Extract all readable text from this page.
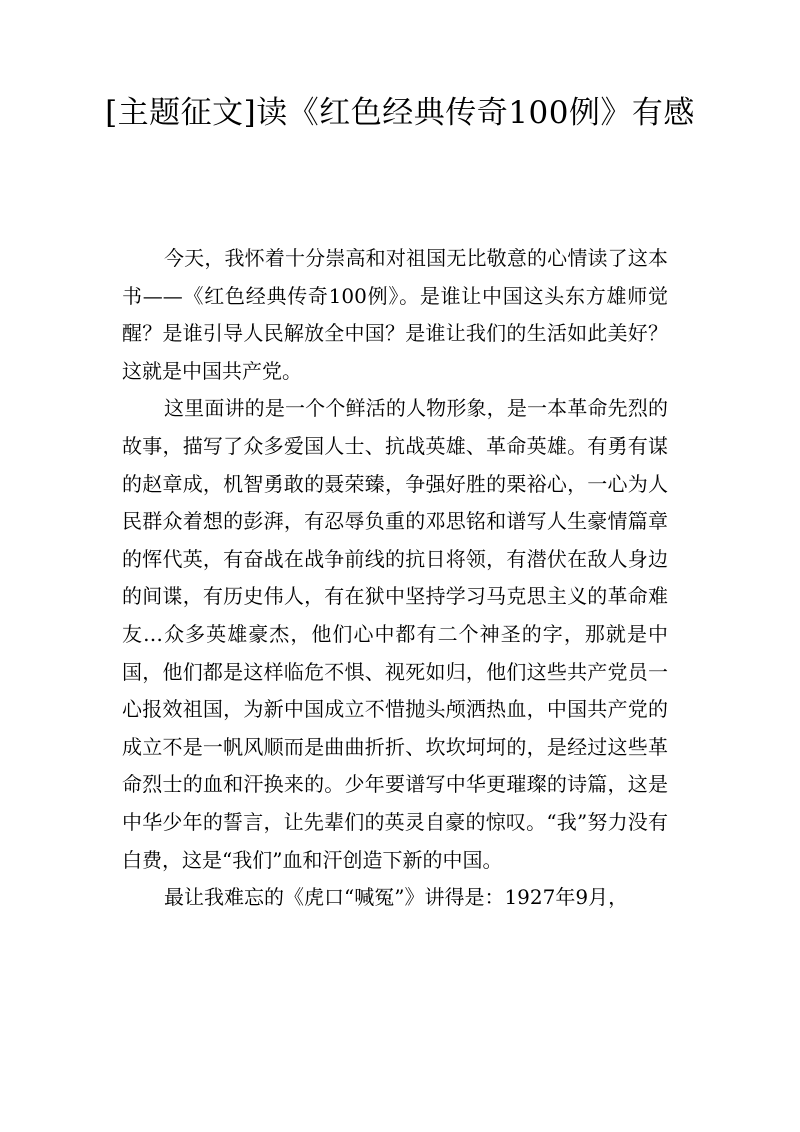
[主题征文]读《红色经典传奇100例》有感

今天，我怀着十分崇高和对祖国无比敬意的心情读了这本书——《红色经典传奇100例》。是谁让中国这头东方雄师觉醒？是谁引导人民解放全中国？是谁让我们的生活如此美好？这就是中国共产党。

这里面讲的是一个个鲜活的人物形象，是一本革命先烈的故事，描写了众多爱国人士、抗战英雄、革命英雄。有勇有谋的赵章成，机智勇敢的聂荣臻，争强好胜的栗裕心，一心为人民群众着想的彭湃，有忍辱负重的邓思铭和谱写人生豪情篇章的恽代英，有奋战在战争前线的抗日将领，有潜伏在敌人身边的间谍，有历史伟人，有在狱中坚持学习马克思主义的革命难友…众多英雄豪杰，他们心中都有二个神圣的字，那就是中国，他们都是这样临危不惧、视死如归，他们这些共产党员一心报效祖国，为新中国成立不惜抛头颅洒热血，中国共产党的成立不是一帆风顺而是曲曲折折、坎坎坷坷的，是经过这些革命烈士的血和汗换来的。少年要谱写中华更璀璨的诗篇，这是中华少年的誓言，让先辈们的英灵自豪的惊叹。“我”努力没有白费，这是“我们”血和汗创造下新的中国。

最让我难忘的《虎口“喊冤”》讲得是：1927年9月，
